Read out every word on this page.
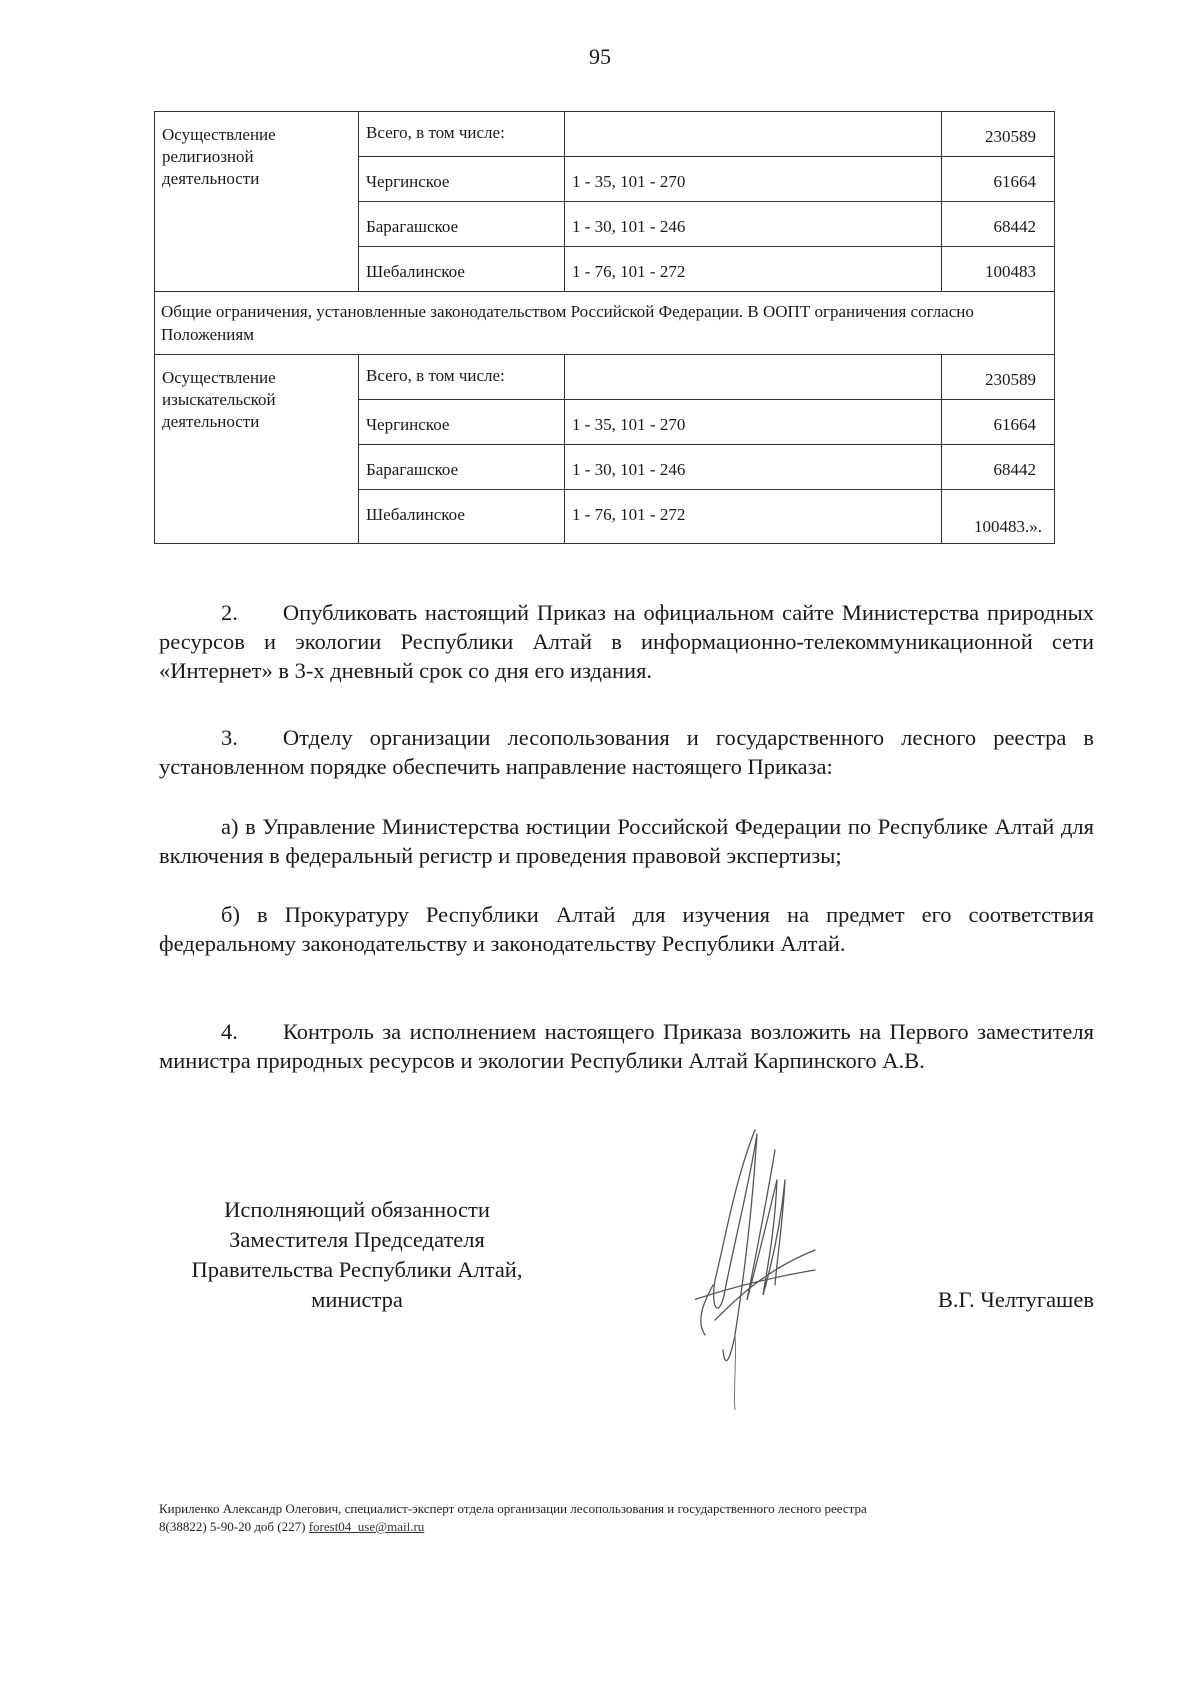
95
Осуществление религиозной деятельности	Всего, в том числе:		230589
	Чергинское	1 - 35, 101 - 270	61664
	Барагашское	1 - 30, 101 - 246	68442
	Шебалинское	1 - 76, 101 - 272	100483
Общие ограничения, установленные законодательством Российской Федерации. В ООПТ ограничения согласно Положениям			
Осуществление изыскательской деятельности	Всего, в том числе:		230589
	Чергинское	1 - 35, 101 - 270	61664
	Барагашское	1 - 30, 101 - 246	68442
	Шебалинское	1 - 76, 101 - 272	100483.».

2.  Опубликовать настоящий Приказ на официальном сайте Министерства природных ресурсов и экологии Республики Алтай в информационно-телекоммуникационной сети «Интернет» в 3-х дневный срок со дня его издания.

3.  Отделу организации лесопользования и государственного лесного реестра в установленном порядке обеспечить направление настоящего Приказа:

а) в Управление Министерства юстиции Российской Федерации по Республике Алтай для включения в федеральный регистр и проведения правовой экспертизы;

б) в Прокуратуру Республики Алтай для изучения на предмет его соответствия федеральному законодательству и законодательству Республики Алтай.

4.  Контроль за исполнением настоящего Приказа возложить на Первого заместителя министра природных ресурсов и экологии Республики Алтай Карпинского А.В.

Исполняющий обязанности
Заместителя Председателя
Правительства Республики Алтай,
министра	В.Г. Челтугашев
Кириленко Александр Олегович, специалист-эксперт отдела организации лесопользования и государственного лесного реестра
8(38822) 5-90-20 доб (227) forest04_use@mail.ru
